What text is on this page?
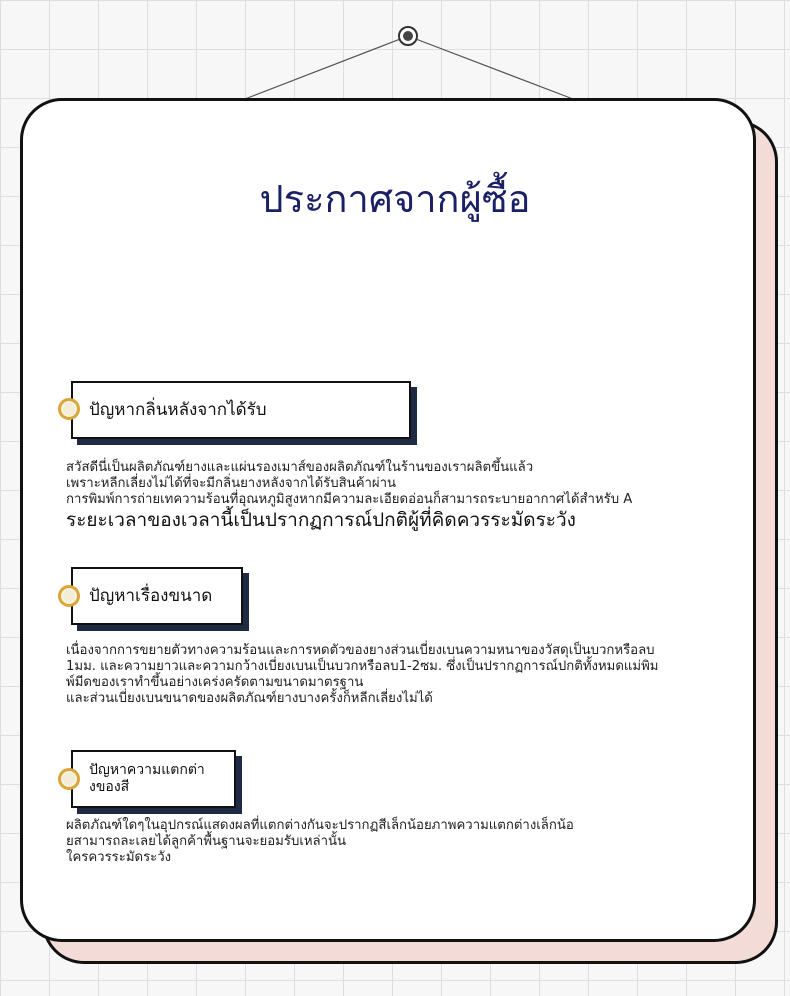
ประกาศจากผู้ซื้อ
ปัญหากลิ่นหลังจากได้รับ
สวัสดีนี่เป็นผลิตภัณฑ์ยางและแผ่นรองเมาส์ของผลิตภัณฑ์ในร้านของเราผลิตขึ้นแล้ว
เพราะหลีกเลี่ยงไม่ได้ที่จะมีกลิ่นยางหลังจากได้รับสินค้าผ่าน
การพิมพ์การถ่ายเทความร้อนที่อุณหภูมิสูงหากมีความละเอียดอ่อนก็สามารถระบายอากาศได้สำหรับ A
ระยะเวลาของเวลานี้เป็นปรากฏการณ์ปกติผู้ที่คิดควรระมัดระวัง
ปัญหาเรื่องขนาด
เนื่องจากการขยายตัวทางความร้อนและการหดตัวของยางส่วนเบี่ยงเบนความหนาของวัสดุเป็นบวกหรือลบ
1มม. และความยาวและความกว้างเบี่ยงเบนเป็นบวกหรือลบ1-2ซม. ซึ่งเป็นปรากฏการณ์ปกติทั้งหมดแม่พิม
พ์มีดของเราทำขึ้นอย่างเคร่งครัดตามขนาดมาตรฐาน
และส่วนเบี่ยงเบนขนาดของผลิตภัณฑ์ยางบางครั้งก็หลีกเลี่ยงไม่ได้
ปัญหาความแตกต่า
งของสี
ผลิตภัณฑ์ใดๆในอุปกรณ์แสดงผลที่แตกต่างกันจะปรากฏสีเล็กน้อยภาพความแตกต่างเล็กน้อ
ยสามารถละเลยได้ลูกค้าพื้นฐานจะยอมรับเหล่านั้น
ใครควรระมัดระวัง
